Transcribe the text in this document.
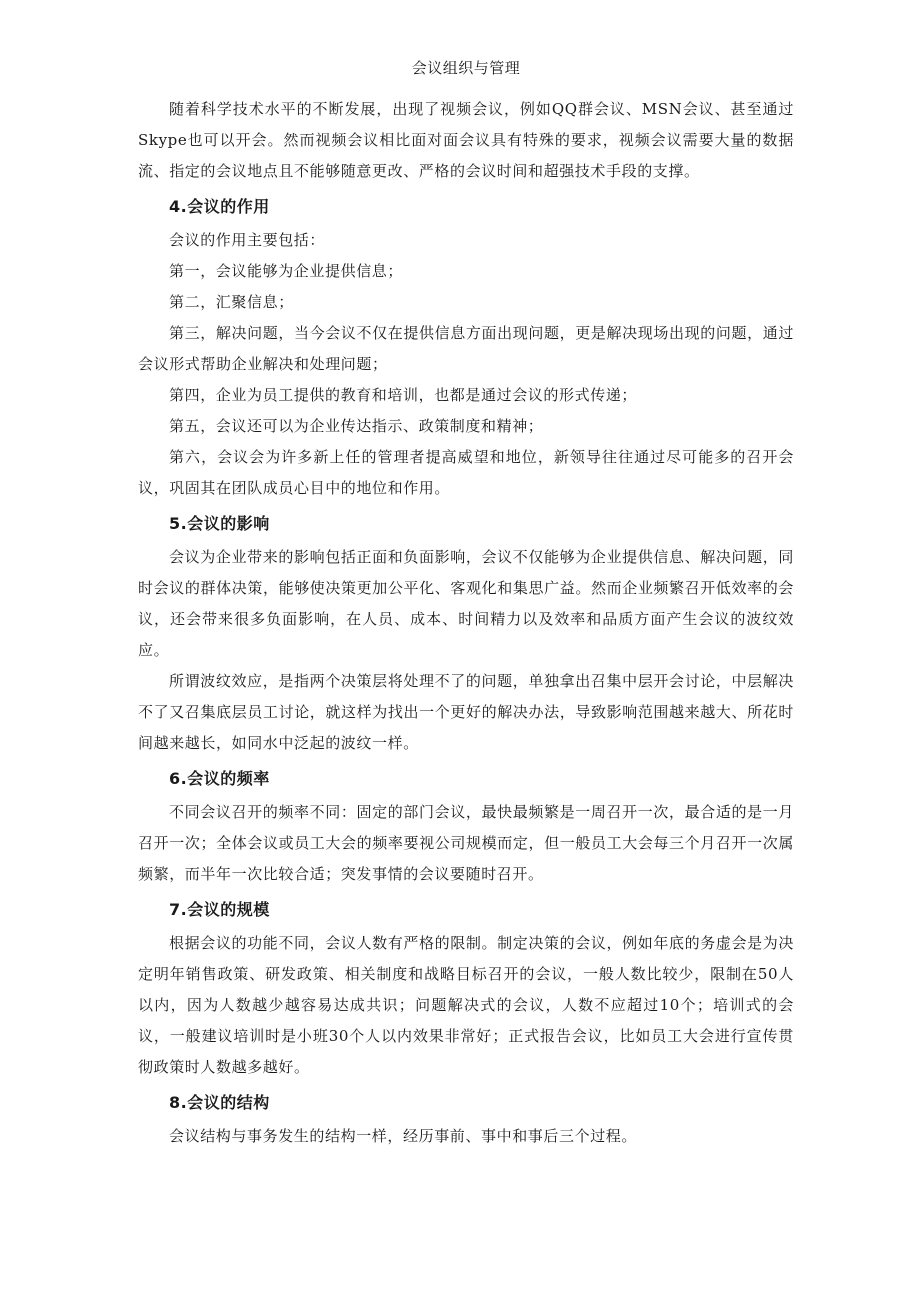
会议组织与管理

随着科学技术水平的不断发展，出现了视频会议，例如QQ群会议、MSN会议、甚至通过Skype也可以开会。然而视频会议相比面对面会议具有特殊的要求，视频会议需要大量的数据流、指定的会议地点且不能够随意更改、严格的会议时间和超强技术手段的支撑。

4.会议的作用

会议的作用主要包括：

第一，会议能够为企业提供信息；

第二，汇聚信息；

第三，解决问题，当今会议不仅在提供信息方面出现问题，更是解决现场出现的问题，通过会议形式帮助企业解决和处理问题；

第四，企业为员工提供的教育和培训，也都是通过会议的形式传递；

第五，会议还可以为企业传达指示、政策制度和精神；

第六，会议会为许多新上任的管理者提高威望和地位，新领导往往通过尽可能多的召开会议，巩固其在团队成员心目中的地位和作用。

5.会议的影响

会议为企业带来的影响包括正面和负面影响，会议不仅能够为企业提供信息、解决问题，同时会议的群体决策，能够使决策更加公平化、客观化和集思广益。然而企业频繁召开低效率的会议，还会带来很多负面影响，在人员、成本、时间精力以及效率和品质方面产生会议的波纹效应。

所谓波纹效应，是指两个决策层将处理不了的问题，单独拿出召集中层开会讨论，中层解决不了又召集底层员工讨论，就这样为找出一个更好的解决办法，导致影响范围越来越大、所花时间越来越长，如同水中泛起的波纹一样。

6.会议的频率

不同会议召开的频率不同：固定的部门会议，最快最频繁是一周召开一次，最合适的是一月召开一次；全体会议或员工大会的频率要视公司规模而定，但一般员工大会每三个月召开一次属频繁，而半年一次比较合适；突发事情的会议要随时召开。

7.会议的规模

根据会议的功能不同，会议人数有严格的限制。制定决策的会议，例如年底的务虚会是为决定明年销售政策、研发政策、相关制度和战略目标召开的会议，一般人数比较少，限制在50人以内，因为人数越少越容易达成共识；问题解决式的会议，人数不应超过10个；培训式的会议，一般建议培训时是小班30个人以内效果非常好；正式报告会议，比如员工大会进行宣传贯彻政策时人数越多越好。

8.会议的结构

会议结构与事务发生的结构一样，经历事前、事中和事后三个过程。
